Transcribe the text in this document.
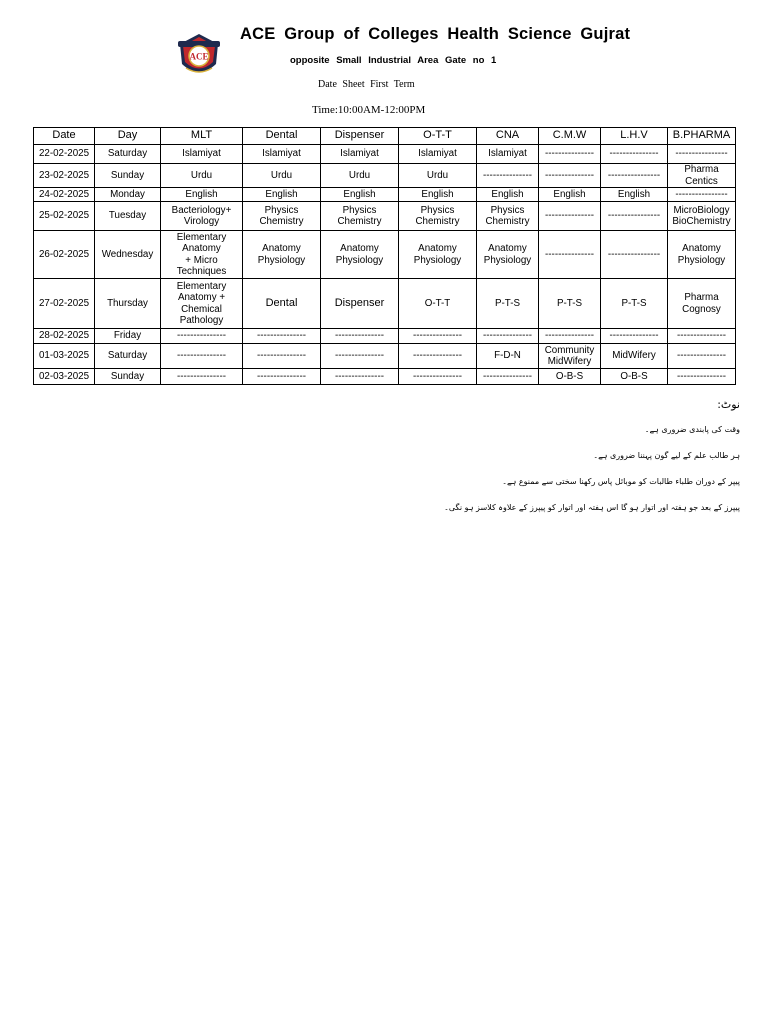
ACE
ACE Group of Colleges Health Science Gujrat
opposite Small Industrial Area Gate no 1
Date Sheet First Term
Time:10:00AM-12:00PM
Date	Day	MLT	Dental	Dispenser	O-T-T	CNA	C.M.W	L.H.V	B.PHARMA
22-02-2025	Saturday	Islamiyat	Islamiyat	Islamiyat	Islamiyat	Islamiyat	---------------	---------------	----------------
23-02-2025	Sunday	Urdu	Urdu	Urdu	Urdu	---------------	---------------	----------------	Pharma
Centics
24-02-2025	Monday	English	English	English	English	English	English	English	----------------
25-02-2025	Tuesday	Bacteriology+
Virology	Physics
Chemistry	Physics
Chemistry	Physics
Chemistry	Physics
Chemistry	---------------	----------------	MicroBiology
BioChemistry
26-02-2025	Wednesday	Elementary
Anatomy
+ Micro
Techniques	Anatomy
Physiology	Anatomy
Physiology	Anatomy
Physiology	Anatomy
Physiology	---------------	----------------	Anatomy
Physiology
27-02-2025	Thursday	Elementary
Anatomy +
Chemical
Pathology	Dental	Dispenser	O-T-T	P-T-S	P-T-S	P-T-S	Pharma
Cognosy
28-02-2025	Friday	---------------	---------------	---------------	---------------	---------------	---------------	---------------	---------------
01-03-2025	Saturday	---------------	---------------	---------------	---------------	F-D-N	Community
MidWifery	MidWifery	---------------
02-03-2025	Sunday	---------------	---------------	---------------	---------------	---------------	O-B-S	O-B-S	---------------
نوٹ:
وقت کی پابندی ضروری ہے۔
ہر طالب علم کے لیے گون پہننا ضروری ہے۔
پیپر کے دوران طلباء طالبات کو موبائل پاس رکھنا سختی سے ممنوع ہے۔
پیپرز کے بعد جو ہفتہ اور اتوار ہو گا اس ہفتہ اور اتوار کو پیپرز کے علاوہ کلاسز ہو نگی۔
